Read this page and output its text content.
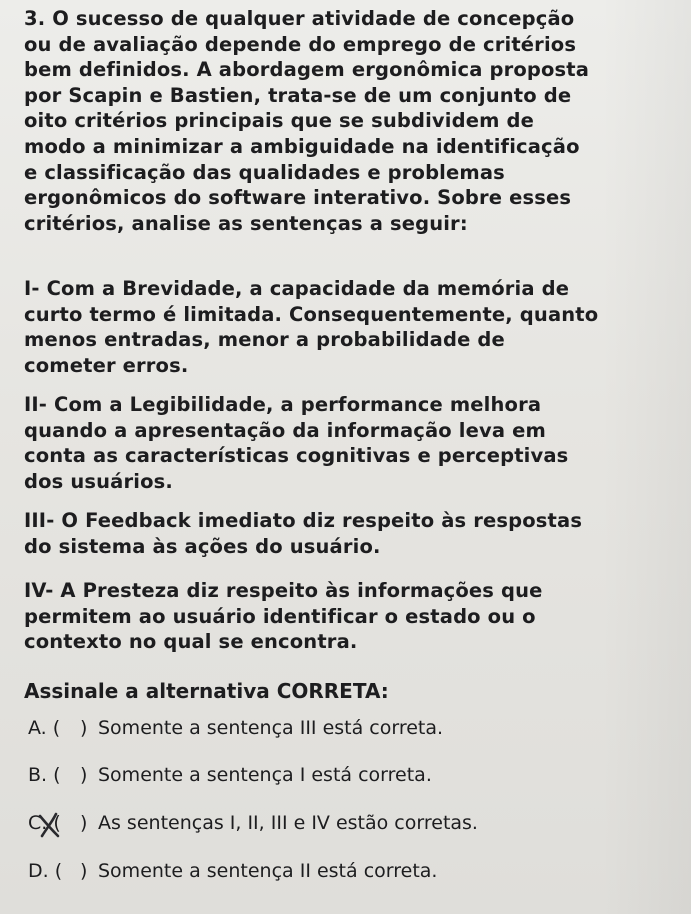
3. O sucesso de qualquer atividade de concepção
ou de avaliação depende do emprego de critérios
bem definidos. A abordagem ergonômica proposta
por Scapin e Bastien, trata-se de um conjunto de
oito critérios principais que se subdividem de
modo a minimizar a ambiguidade na identificação
e classificação das qualidades e problemas
ergonômicos do software interativo. Sobre esses
critérios, analise as sentenças a seguir:
I- Com a Brevidade, a capacidade da memória de
curto termo é limitada. Consequentemente, quanto
menos entradas, menor a probabilidade de
cometer erros.
II- Com a Legibilidade, a performance melhora
quando a apresentação da informação leva em
conta as características cognitivas e perceptivas
dos usuários.
III- O Feedback imediato diz respeito às respostas
do sistema às ações do usuário.
IV- A Presteza diz respeito às informações que
permitem ao usuário identificar o estado ou o
contexto no qual se encontra.
Assinale a alternativa CORRETA:
A. ( ) Somente a sentença III está correta.
B. ( ) Somente a sentença I está correta.
C. ( ) As sentenças I, II, III e IV estão corretas.
D. ( ) Somente a sentença II está correta.
